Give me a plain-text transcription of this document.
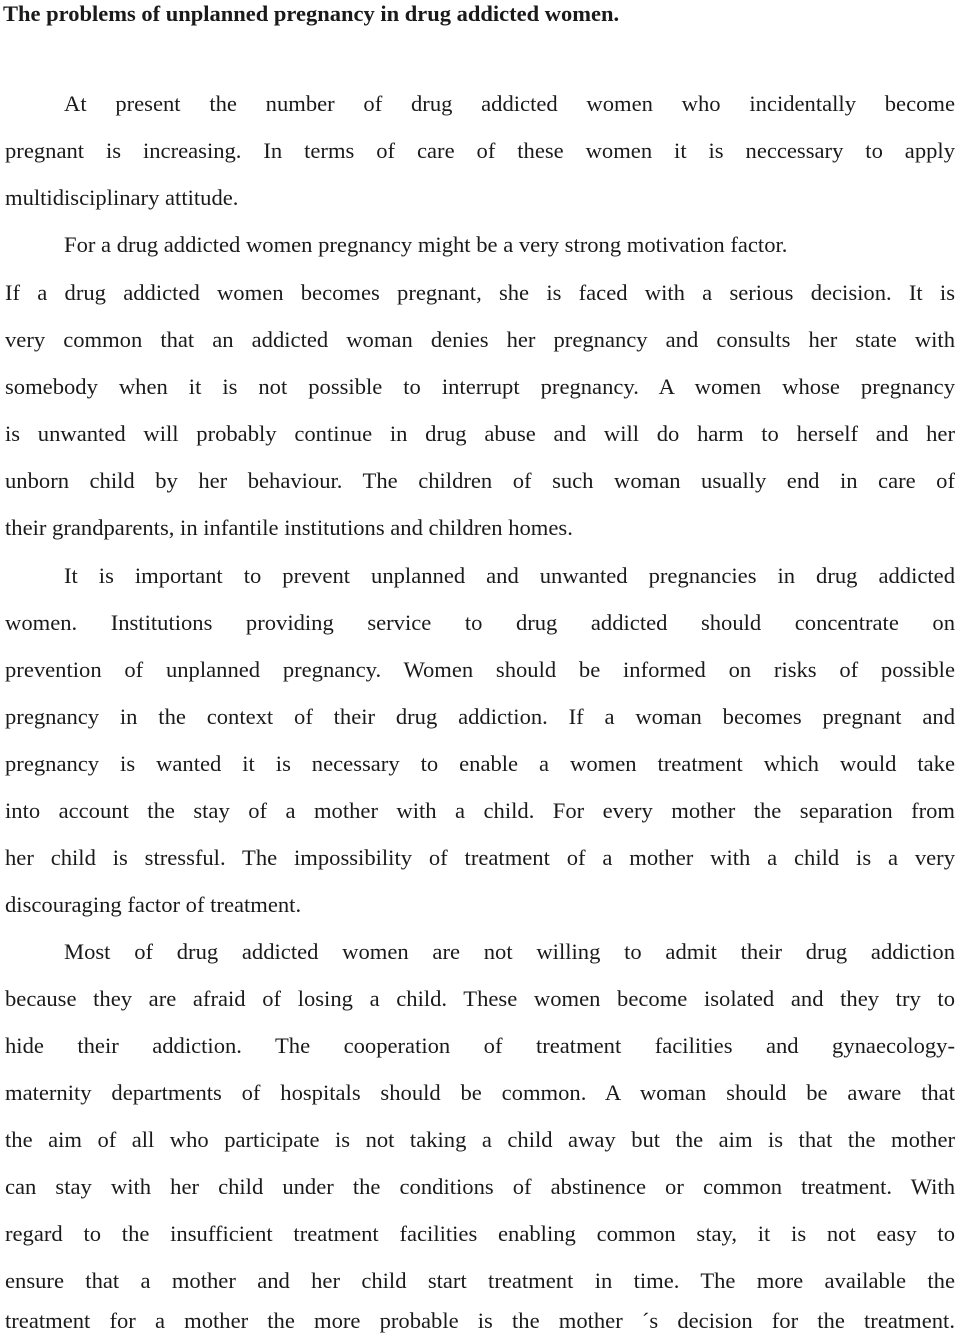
The problems of unplanned pregnancy in drug addicted women.

At present the number of drug addicted women who incidentally become

pregnant is increasing. In terms of care of these women it is neccessary to apply

multidisciplinary attitude.

For a drug addicted women pregnancy might be a very strong motivation factor.

If a drug addicted women becomes pregnant, she is faced with a serious decision. It is

very common that an addicted woman denies her pregnancy and consults her state with

somebody when it is not possible to interrupt pregnancy. A women whose pregnancy

is unwanted will probably continue in drug abuse and will do harm to herself and her

unborn child by her behaviour. The children of such woman usually end in care of

their grandparents, in infantile institutions and children homes.

It is important to prevent unplanned and unwanted pregnancies in drug addicted

women. Institutions providing service to drug addicted should concentrate on

prevention of unplanned pregnancy. Women should be informed on risks of possible

pregnancy in the context of their drug addiction. If a woman becomes pregnant and

pregnancy is wanted it is necessary to enable a women treatment which would take

into account the stay of a mother with a child. For every mother the separation from

her child is stressful. The impossibility of treatment of a mother with a child is a very

discouraging factor of treatment.

Most of drug addicted women are not willing to admit their drug addiction

because they are afraid of losing a child. These women become isolated and they try to

hide their addiction. The cooperation of treatment facilities and gynaecology-

maternity departments of hospitals should be common. A woman should be aware that

the aim of all who participate is not taking a child away but the aim is that the mother

can stay with her child under the conditions of abstinence or common treatment. With

regard to the insufficient treatment facilities enabling common stay, it is not easy to

ensure that a mother and her child start treatment in time. The more available the

treatment for a mother the more probable is the mother ´s decision for the treatment.
